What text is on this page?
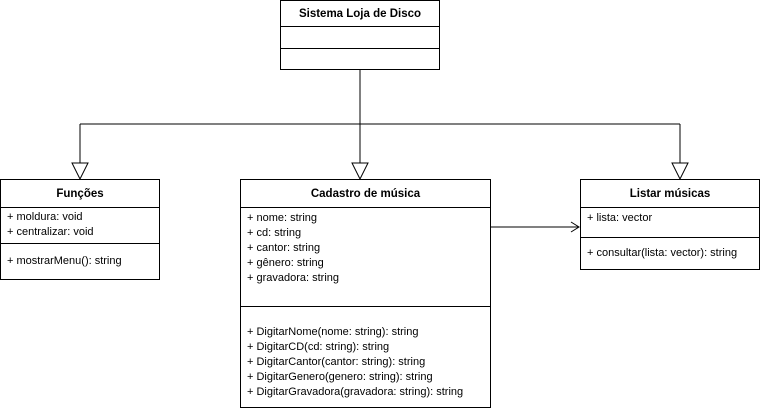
Sistema Loja de Disco
Funções
+ moldura: void
+ centralizar: void
+ mostrarMenu(): string
Cadastro de música
+ nome: string
+ cd: string
+ cantor: string
+ gênero: string
+ gravadora: string
+ DigitarNome(nome: string): string
+ DigitarCD(cd: string): string
+ DigitarCantor(cantor: string): string
+ DigitarGenero(genero: string): string
+ DigitarGravadora(gravadora: string): string
Listar músicas
+ lista: vector
+ consultar(lista: vector): string
